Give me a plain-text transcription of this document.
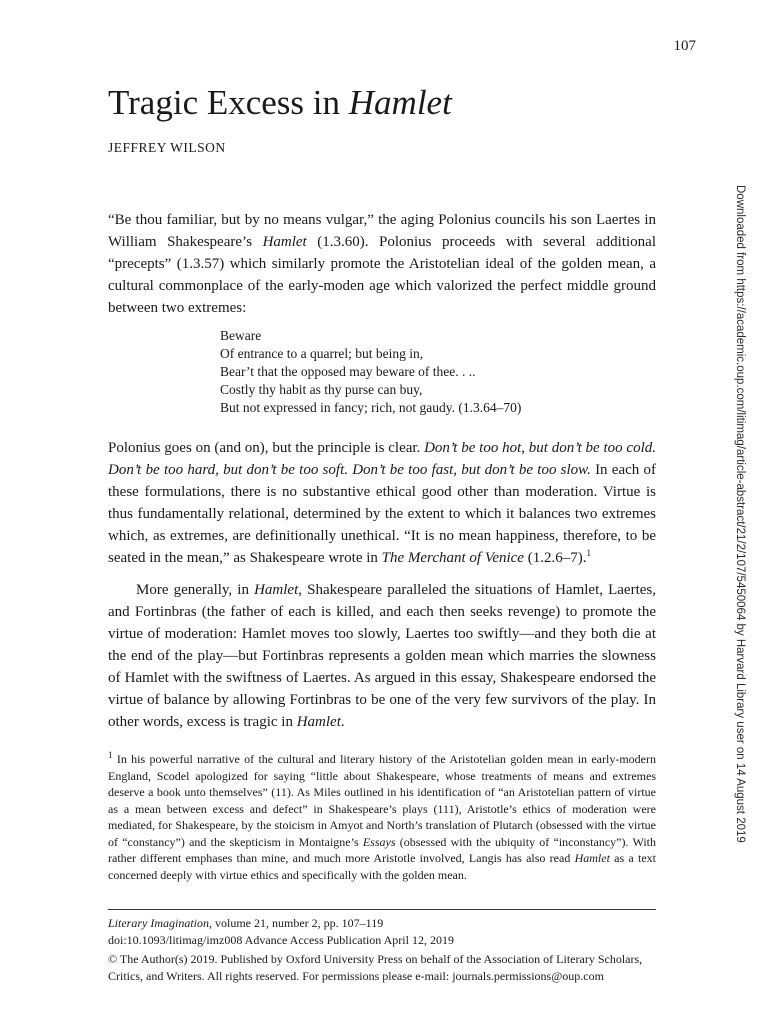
107
Tragic Excess in Hamlet
JEFFREY WILSON

“Be thou familiar, but by no means vulgar,” the aging Polonius councils his son Laertes in William Shakespeare’s Hamlet (1.3.60). Polonius proceeds with several additional “precepts” (1.3.57) which similarly promote the Aristotelian ideal of the golden mean, a cultural commonplace of the early-moden age which valorized the perfect middle ground between two extremes:

Beware
Of entrance to a quarrel; but being in,
Bear’t that the opposed may beware of thee. . ..
Costly thy habit as thy purse can buy,
But not expressed in fancy; rich, not gaudy. (1.3.64–70)

Polonius goes on (and on), but the principle is clear. Don’t be too hot, but don’t be too cold. Don’t be too hard, but don’t be too soft. Don’t be too fast, but don’t be too slow. In each of these formulations, there is no substantive ethical good other than moderation. Virtue is thus fundamentally relational, determined by the extent to which it balances two extremes which, as extremes, are definitionally unethical. “It is no mean happiness, therefore, to be seated in the mean,” as Shakespeare wrote in The Merchant of Venice (1.2.6–7).$^1$

More generally, in Hamlet, Shakespeare paralleled the situations of Hamlet, Laertes, and Fortinbras (the father of each is killed, and each then seeks revenge) to promote the virtue of moderation: Hamlet moves too slowly, Laertes too swiftly—and they both die at the end of the play—but Fortinbras represents a golden mean which marries the slowness of Hamlet with the swiftness of Laertes. As argued in this essay, Shakespeare endorsed the virtue of balance by allowing Fortinbras to be one of the very few survivors of the play. In other words, excess is tragic in Hamlet.

$^1$ In his powerful narrative of the cultural and literary history of the Aristotelian golden mean in early-modern England, Scodel apologized for saying “little about Shakespeare, whose treatments of means and extremes deserve a book unto themselves” (11). As Miles outlined in his identification of “an Aristotelian pattern of virtue as a mean between excess and defect” in Shakespeare’s plays (111), Aristotle’s ethics of moderation were mediated, for Shakespeare, by the stoicism in Amyot and North’s translation of Plutarch (obsessed with the virtue of “constancy”) and the skepticism in Montaigne’s Essays (obsessed with the ubiquity of “inconstancy”). With rather different emphases than mine, and much more Aristotle involved, Langis has also read Hamlet as a text concerned deeply with virtue ethics and specifically with the golden mean.

Literary Imagination, volume 21, number 2, pp. 107–119
doi:10.1093/litimag/imz008 Advance Access Publication April 12, 2019
© The Author(s) 2019. Published by Oxford University Press on behalf of the Association of Literary Scholars, Critics, and Writers. All rights reserved. For permissions please e-mail: journals.permissions@oup.com
Downloaded from https://academic.oup.com/litimag/article-abstract/21/2/107/5450064 by Harvard Library user on 14 August 2019
